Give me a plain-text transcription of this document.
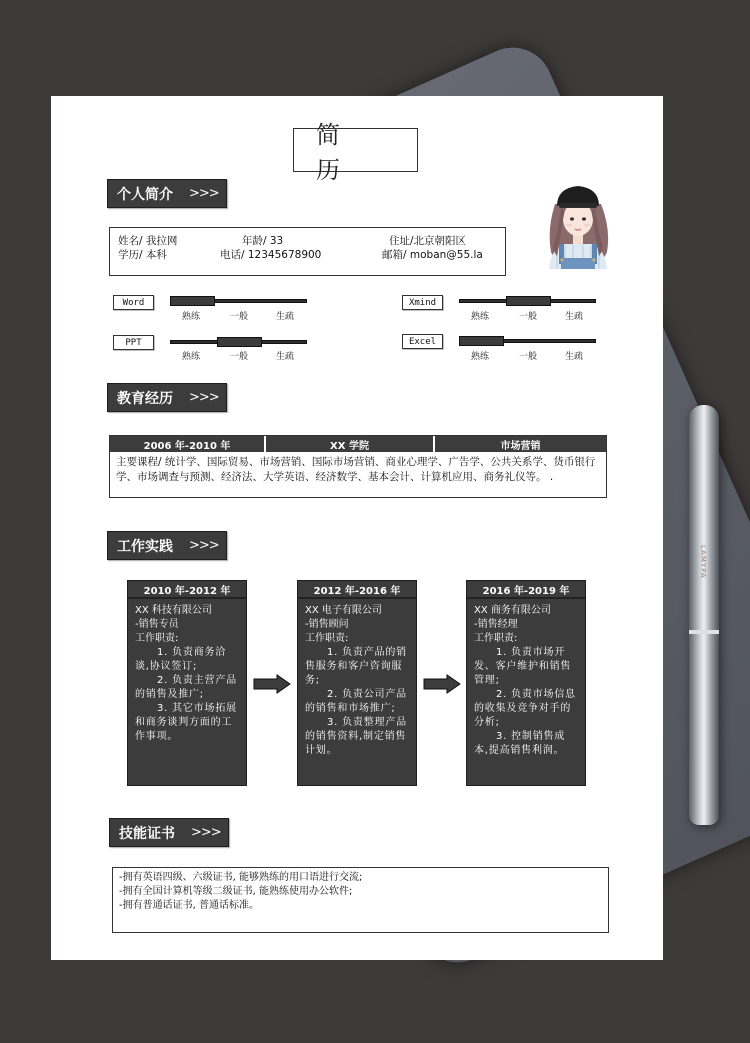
LAMYPA
简 历
个人简介 >>>
姓名/ 我拉网	年龄/ 33	住址/北京朝阳区
学历/ 本科	电话/ 12345678900	邮箱/ moban@55.la
Word
熟练	一般	生疏
PPT
熟练	一般	生疏
Xmind
熟练	一般	生疏
Excel
熟练	一般	生疏
教育经历 >>>
2006 年-2010 年	XX 学院	市场营销
主要课程/ 统计学、国际贸易、市场营销、国际市场营销、商业心理学、广告学、公共关系学、货币银行学、市场调查与预测、经济法、大学英语、经济数学、基本会计、计算机应用、商务礼仪等。 .
工作实践 >>>
2010 年-2012 年

XX 科技有限公司

-销售专员

工作职责:

1. 负责商务洽谈,协议签订;

2. 负责主营产品的销售及推广;

3. 其它市场拓展和商务谈判方面的工作事项。

2012 年-2016 年

XX 电子有限公司

-销售顾问

工作职责:

1. 负责产品的销售服务和客户咨询服务;

2. 负责公司产品的销售和市场推广;

3. 负责整理产品的销售资料,制定销售计划。

2016 年-2019 年

XX 商务有限公司

-销售经理

工作职责:

1. 负责市场开发、客户维护和销售管理;

2. 负责市场信息的收集及竞争对手的分析;

3. 控制销售成本,提高销售利润。

技能证书 >>>

-拥有英语四级、六级证书, 能够熟练的用口语进行交流;

-拥有全国计算机等级二级证书, 能熟练使用办公软件;

-拥有普通话证书, 普通话标准。
